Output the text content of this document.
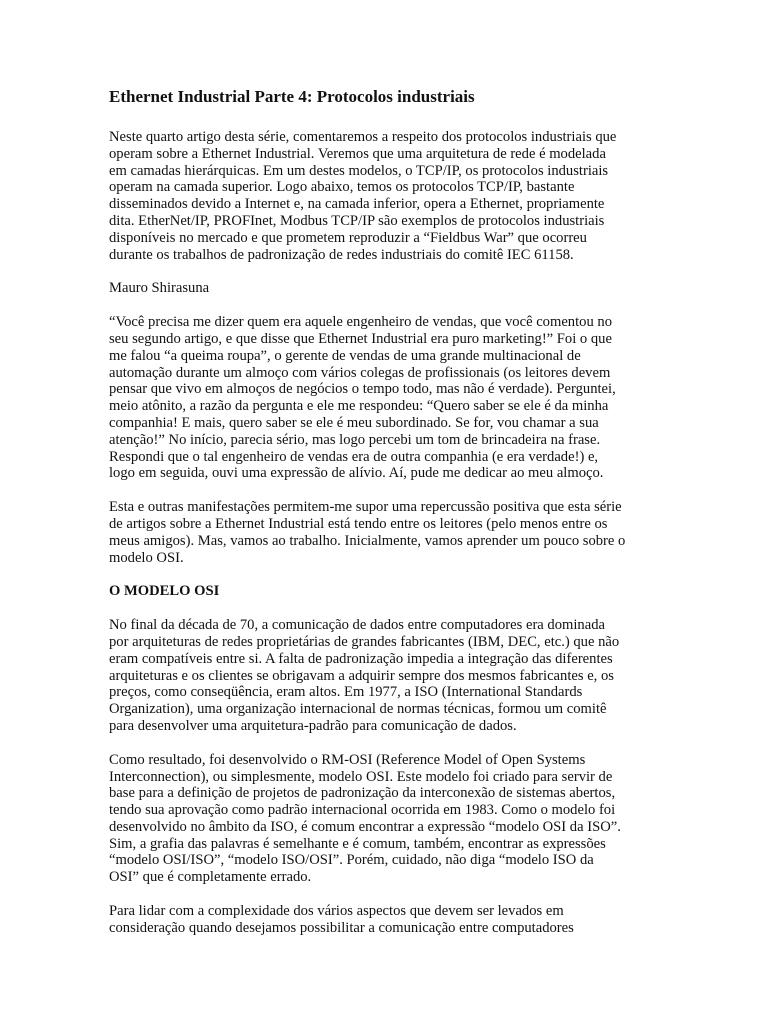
Ethernet Industrial Parte 4: Protocolos industriais

Neste quarto artigo desta série, comentaremos a respeito dos protocolos industriais que
operam sobre a Ethernet Industrial. Veremos que uma arquitetura de rede é modelada
em camadas hierárquicas. Em um destes modelos, o TCP/IP, os protocolos industriais
operam na camada superior. Logo abaixo, temos os protocolos TCP/IP, bastante
disseminados devido a Internet e, na camada inferior, opera a Ethernet, propriamente
dita. EtherNet/IP, PROFInet, Modbus TCP/IP são exemplos de protocolos industriais
disponíveis no mercado e que prometem reproduzir a “Fieldbus War” que ocorreu
durante os trabalhos de padronização de redes industriais do comitê IEC 61158.

Mauro Shirasuna

“Você precisa me dizer quem era aquele engenheiro de vendas, que você comentou no
seu segundo artigo, e que disse que Ethernet Industrial era puro marketing!” Foi o que
me falou “a queima roupa”, o gerente de vendas de uma grande multinacional de
automação durante um almoço com vários colegas de profissionais (os leitores devem
pensar que vivo em almoços de negócios o tempo todo, mas não é verdade). Perguntei,
meio atônito, a razão da pergunta e ele me respondeu: “Quero saber se ele é da minha
companhia! E mais, quero saber se ele é meu subordinado. Se for, vou chamar a sua
atenção!” No início, parecia sério, mas logo percebi um tom de brincadeira na frase.
Respondi que o tal engenheiro de vendas era de outra companhia (e era verdade!) e,
logo em seguida, ouvi uma expressão de alívio. Aí, pude me dedicar ao meu almoço.

Esta e outras manifestações permitem-me supor uma repercussão positiva que esta série
de artigos sobre a Ethernet Industrial está tendo entre os leitores (pelo menos entre os
meus amigos). Mas, vamos ao trabalho. Inicialmente, vamos aprender um pouco sobre o
modelo OSI.

O MODELO OSI

No final da década de 70, a comunicação de dados entre computadores era dominada
por arquiteturas de redes proprietárias de grandes fabricantes (IBM, DEC, etc.) que não
eram compatíveis entre si. A falta de padronização impedia a integração das diferentes
arquiteturas e os clientes se obrigavam a adquirir sempre dos mesmos fabricantes e, os
preços, como conseqüência, eram altos. Em 1977, a ISO (International Standards
Organization), uma organização internacional de normas técnicas, formou um comitê
para desenvolver uma arquitetura-padrão para comunicação de dados.

Como resultado, foi desenvolvido o RM-OSI (Reference Model of Open Systems
Interconnection), ou simplesmente, modelo OSI. Este modelo foi criado para servir de
base para a definição de projetos de padronização da interconexão de sistemas abertos,
tendo sua aprovação como padrão internacional ocorrida em 1983. Como o modelo foi
desenvolvido no âmbito da ISO, é comum encontrar a expressão “modelo OSI da ISO”.
Sim, a grafia das palavras é semelhante e é comum, também, encontrar as expressões
“modelo OSI/ISO”, “modelo ISO/OSI”. Porém, cuidado, não diga “modelo ISO da
OSI” que é completamente errado.

Para lidar com a complexidade dos vários aspectos que devem ser levados em
consideração quando desejamos possibilitar a comunicação entre computadores
